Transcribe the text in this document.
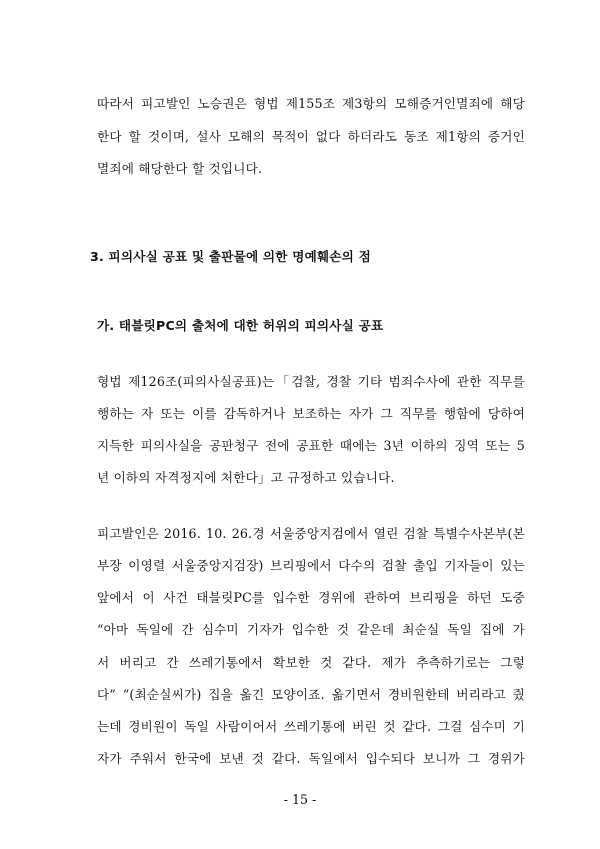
따라서 피고발인 노승권은 형법 제155조 제3항의 모해증거인멸죄에 해당
한다 할 것이며, 설사 모해의 목적이 없다 하더라도 동조 제1항의 증거인
멸죄에 해당한다 할 것입니다.
3. 피의사실 공표 및 출판물에 의한 명예훼손의 점
가. 태블릿PC의 출처에 대한 허위의 피의사실 공표
형법 제126조(피의사실공표)는「검찰, 경찰 기타 범죄수사에 관한 직무를
행하는 자 또는 이를 감독하거나 보조하는 자가 그 직무를 행함에 당하여
지득한 피의사실을 공판청구 전에 공표한 때에는 3년 이하의 징역 또는 5
년 이하의 자격정지에 처한다」고 규정하고 있습니다.
피고발인은 2016. 10. 26.경 서울중앙지검에서 열린 검찰 특별수사본부(본
부장 이영렬 서울중앙지검장) 브리핑에서 다수의 검찰 출입 기자들이 있는
앞에서 이 사건 태블릿PC를 입수한 경위에 관하여 브리핑을 하던 도중
“아마 독일에 간 심수미 기자가 입수한 것 같은데 최순실 독일 집에 가
서 버리고 간 쓰레기통에서 확보한 것 같다. 제가 추측하기로는 그렇
다” “(최순실씨가) 집을 옮긴 모양이죠. 옮기면서 경비원한테 버리라고 줬
는데 경비원이 독일 사람이어서 쓰레기통에 버린 것 같다. 그걸 심수미 기
자가 주워서 한국에 보낸 것 같다. 독일에서 입수되다 보니까 그 경위가
- 15 -
